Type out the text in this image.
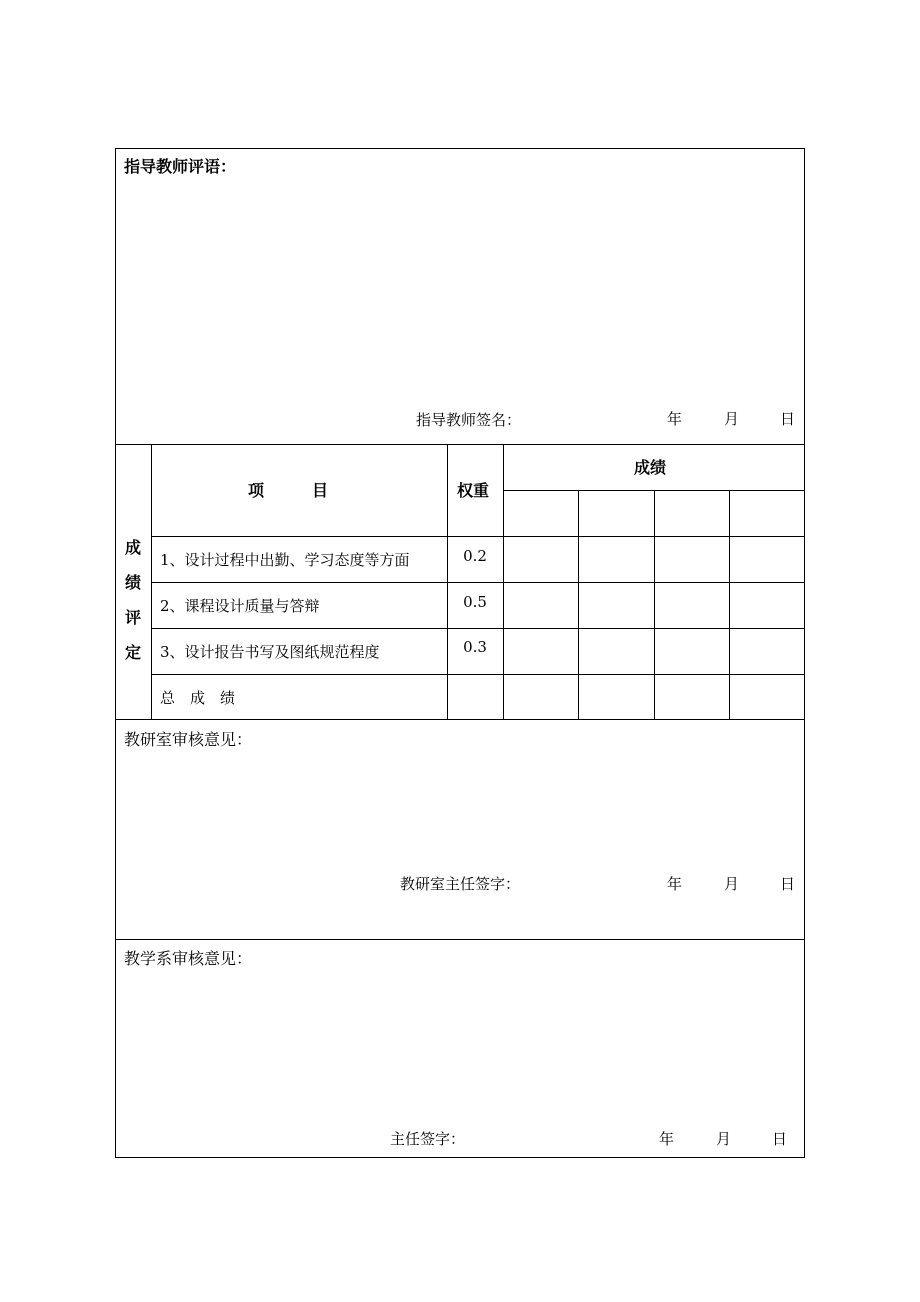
指导教师评语：
指导教师签名：	年	月	日
成
绩
评
定
项　　　目	权重
成绩
1、设计过程中出勤、学习态度等方面	0.2
2、课程设计质量与答辩	0.5
3、设计报告书写及图纸规范程度	0.3
总　成　绩
教研室审核意见：
教研室主任签字：	年	月	日
教学系审核意见：
主任签字：	年	月	日
